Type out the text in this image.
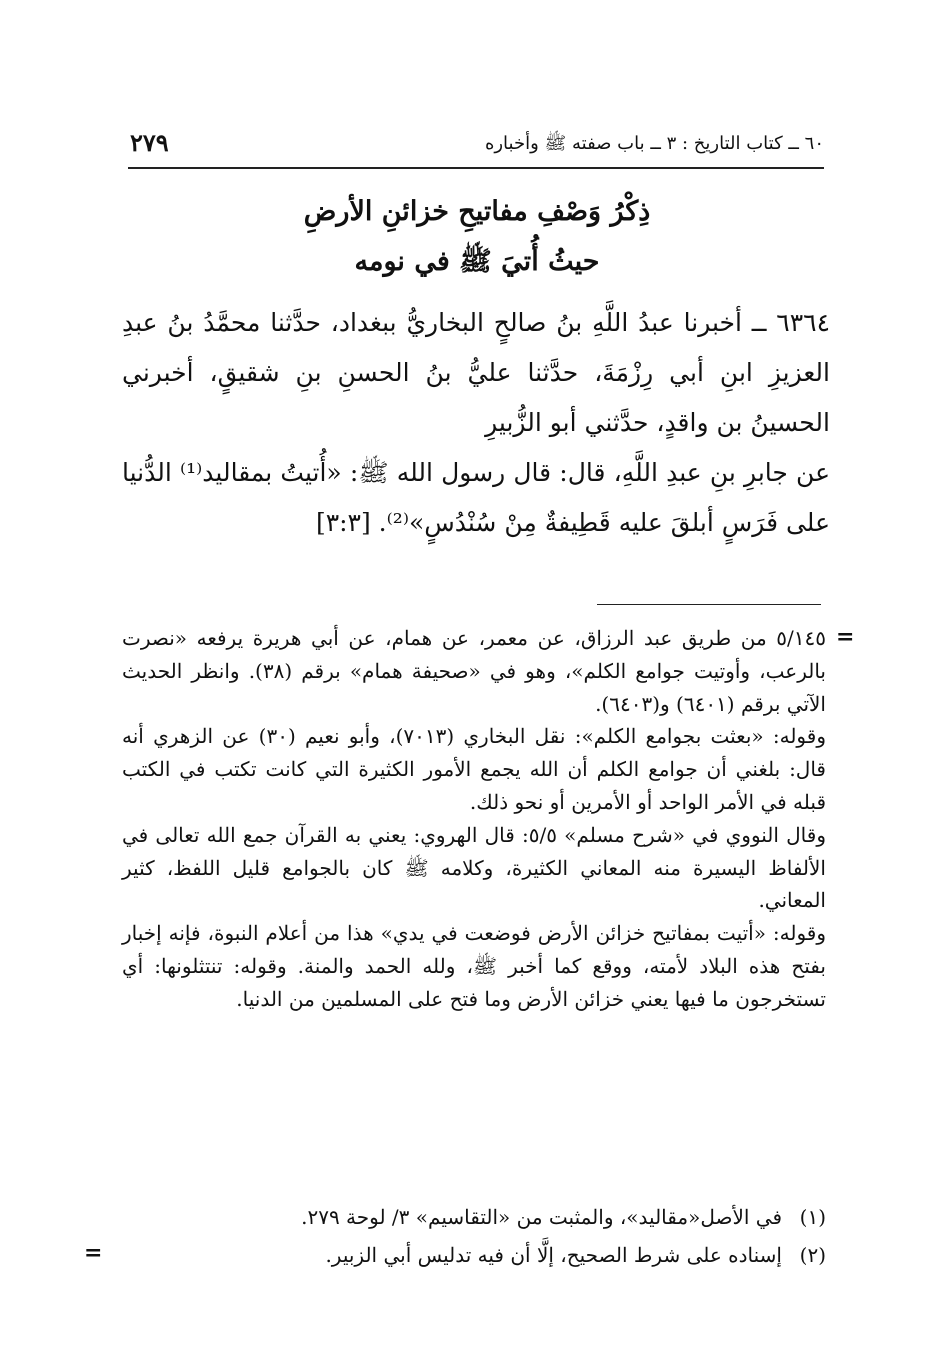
٢٧٩	٦٠ ــ كتاب التاريخ : ٣ ــ باب صفته ﷺ وأخباره
ذِكْرُ وَصْفِ مفاتيحِ خزائنِ الأرضِ
حيثُ أُتيَ ﷺ في نومه
٦٣٦٤ ــ أخبرنا عبدُ اللَّهِ بنُ صالحٍ البخاريُّ ببغداد، حدَّثنا محمَّدُ بنُ عبدِ العزيزِ ابنِ أبي رِزْمَةَ، حدَّثنا عليُّ بنُ الحسنِ بنِ شقيقٍ، أخبرني الحسينُ بن واقدٍ، حدَّثني أبو الزُّبيرِ
عن جابرِ بنِ عبدِ اللَّهِ، قال: قال رسول الله ﷺ: «أُتيتُ بمقاليد⁽¹⁾ الدُّنيا على فَرَسٍ أبلقَ عليه قَطِيفةٌ مِنْ سُنْدُسٍ»⁽²⁾. [٣:٣]
=
=

٥/١٤٥ من طريق عبد الرزاق، عن معمر، عن همام، عن أبي هريرة يرفعه «نصرت بالرعب، وأوتيت جوامع الكلم»، وهو في «صحيفة همام» برقم (٣٨). وانظر الحديث الآتي برقم (٦٤٠١) و(٦٤٠٣).

وقوله: «بعثت بجوامع الكلم»: نقل البخاري (٧٠١٣)، وأبو نعيم (٣٠) عن الزهري أنه قال: بلغني أن جوامع الكلم أن الله يجمع الأمور الكثيرة التي كانت تكتب في الكتب قبله في الأمر الواحد أو الأمرين أو نحو ذلك.

وقال النووي في «شرح مسلم» ٥/٥: قال الهروي: يعني به القرآن جمع الله تعالى في الألفاظ اليسيرة منه المعاني الكثيرة، وكلامه ﷺ كان بالجوامع قليل اللفظ، كثير المعاني.

وقوله: «أتيت بمفاتيح خزائن الأرض فوضعت في يدي» هذا من أعلام النبوة، فإنه إخبار بفتح هذه البلاد لأمته، ووقع كما أخبر ﷺ، ولله الحمد والمنة. وقوله: تنتثلونها: أي تستخرجون ما فيها يعني خزائن الأرض وما فتح على المسلمين من الدنيا.

(١)
في الأصل«مقاليد»، والمثبت من «التقاسيم» ٣/ لوحة ٢٧٩.
(٢)
إسناده على شرط الصحيح، إلَّا أن فيه تدليس أبي الزبير.
